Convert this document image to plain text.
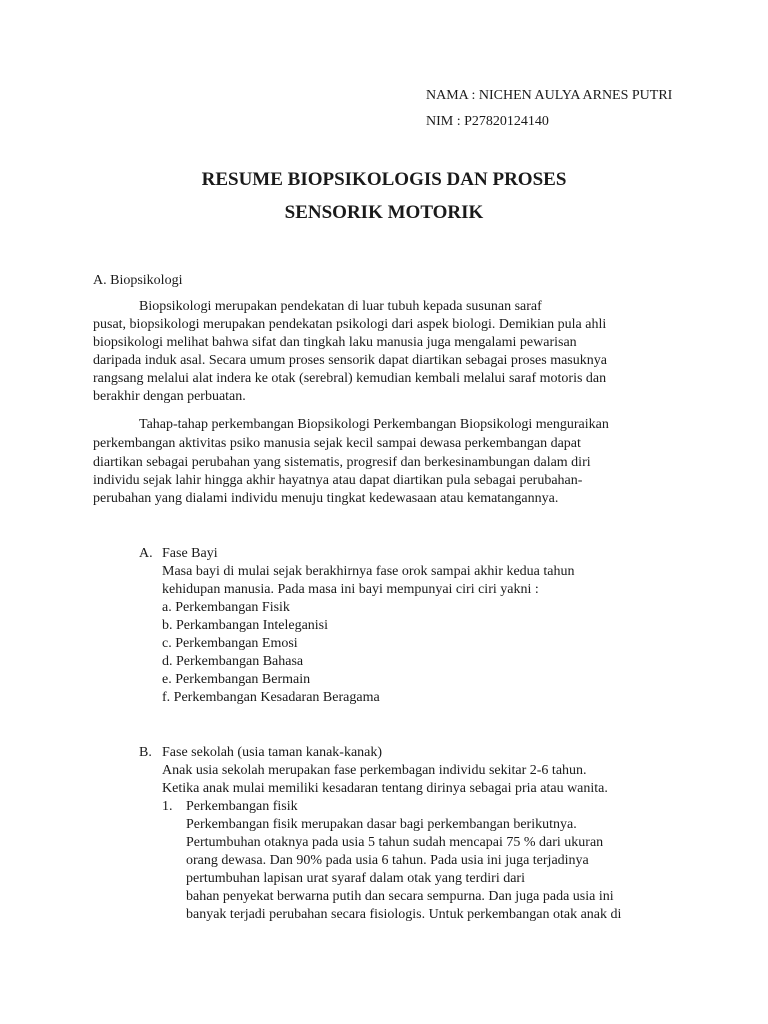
NAMA : NICHEN AULYA ARNES PUTRI
NIM : P27820124140
RESUME BIOPSIKOLOGIS DAN PROSES
SENSORIK MOTORIK
A. Biopsikologi
Biopsikologi merupakan pendekatan di luar tubuh kepada susunan saraf
pusat, biopsikologi merupakan pendekatan psikologi dari aspek biologi. Demikian pula ahli
biopsikologi melihat bahwa sifat dan tingkah laku manusia juga mengalami pewarisan
daripada induk asal. Secara umum proses sensorik dapat diartikan sebagai proses masuknya
rangsang melalui alat indera ke otak (serebral) kemudian kembali melalui saraf motoris dan
berakhir dengan perbuatan.
Tahap-tahap perkembangan Biopsikologi Perkembangan Biopsikologi menguraikan
perkembangan aktivitas psiko manusia sejak kecil sampai dewasa perkembangan dapat
diartikan sebagai perubahan yang sistematis, progresif dan berkesinambungan dalam diri
individu sejak lahir hingga akhir hayatnya atau dapat diartikan pula sebagai perubahan-
perubahan yang dialami individu menuju tingkat kedewasaan atau kematangannya.
A. Fase Bayi
Masa bayi di mulai sejak berakhirnya fase orok sampai akhir kedua tahun
kehidupan manusia. Pada masa ini bayi mempunyai ciri ciri yakni :
a. Perkembangan Fisik
b. Perkambangan Inteleganisi
c. Perkembangan Emosi
d. Perkembangan Bahasa
e. Perkembangan Bermain
f. Perkembangan Kesadaran Beragama
B. Fase sekolah (usia taman kanak-kanak)
Anak usia sekolah merupakan fase perkembagan individu sekitar 2-6 tahun.
Ketika anak mulai memiliki kesadaran tentang dirinya sebagai pria atau wanita.
1. Perkembangan fisik
Perkembangan fisik merupakan dasar bagi perkembangan berikutnya.
Pertumbuhan otaknya pada usia 5 tahun sudah mencapai 75 % dari ukuran
orang dewasa. Dan 90% pada usia 6 tahun. Pada usia ini juga terjadinya
pertumbuhan lapisan urat syaraf dalam otak yang terdiri dari
bahan penyekat berwarna putih dan secara sempurna. Dan juga pada usia ini
banyak terjadi perubahan secara fisiologis. Untuk perkembangan otak anak di
